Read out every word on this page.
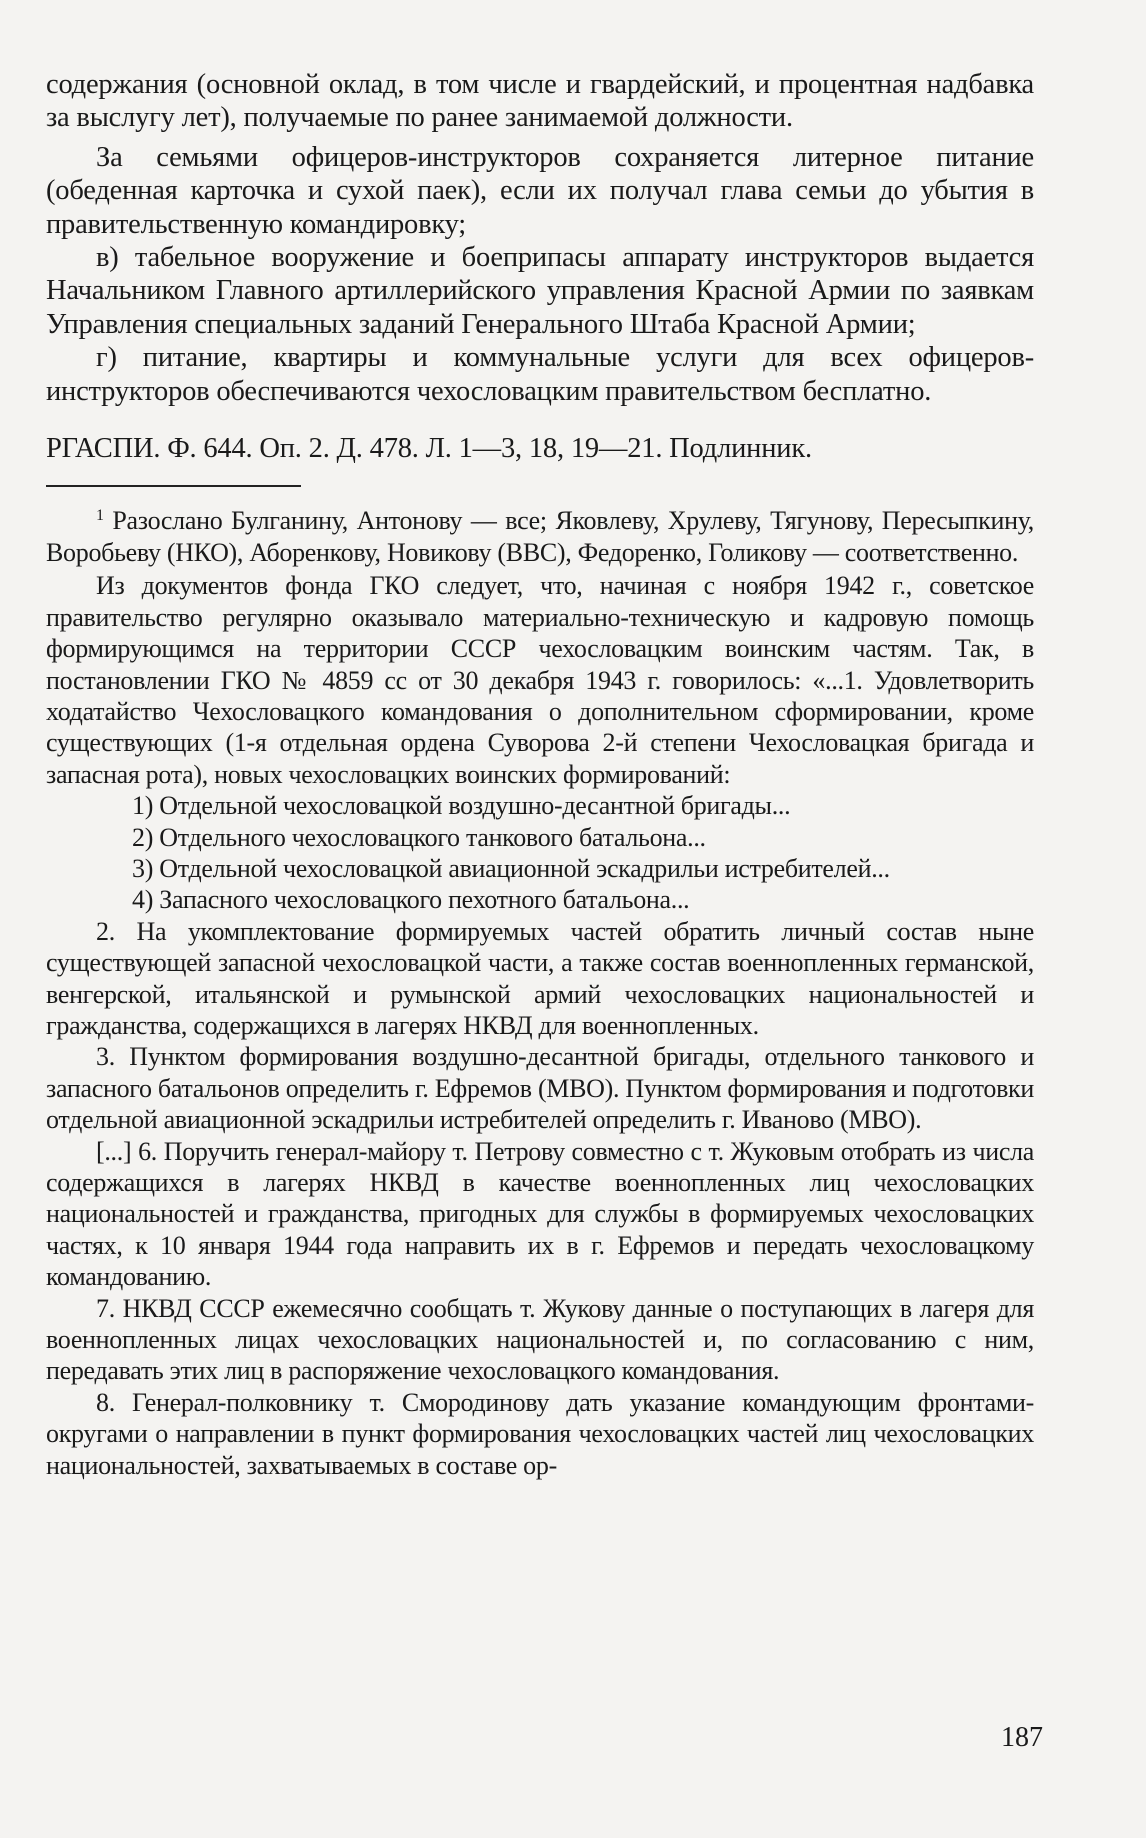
содержания (основной оклад, в том числе и гвардейский, и процентная надбавка за выслугу лет), получаемые по ранее занимаемой должности.

За семьями офицеров-инструкторов сохраняется литерное питание (обеденная карточка и сухой паек), если их получал глава семьи до убытия в правительственную командировку;

в) табельное вооружение и боеприпасы аппарату инструкторов выдается Начальником Главного артиллерийского управления Красной Армии по заявкам Управления специальных заданий Генерального Штаба Красной Армии;

г) питание, квартиры и коммунальные услуги для всех офицеров-инструкторов обеспечиваются чехословацким правительством бесплатно.

РГАСПИ. Ф. 644. Оп. 2. Д. 478. Л. 1—3, 18, 19—21. Подлинник.

$^1$ Разослано Булганину, Антонову — все; Яковлеву, Хрулеву, Тягунову, Пересыпкину, Воробьеву (НКО), Аборенкову, Новикову (ВВС), Федоренко, Голикову — соответственно.

Из документов фонда ГКО следует, что, начиная с ноября 1942 г., советское правительство регулярно оказывало материально-техническую и кадровую помощь формирующимся на территории СССР чехословацким воинским частям. Так, в постановлении ГКО № 4859 сс от 30 декабря 1943 г. говорилось: «...1. Удовлетворить ходатайство Чехословацкого командования о дополнительном сформировании, кроме существующих (1-я отдельная ордена Суворова 2-й степени Чехословацкая бригада и запасная рота), новых чехословацких воинских формирований:

1) Отдельной чехословацкой воздушно-десантной бригады...

2) Отдельного чехословацкого танкового батальона...

3) Отдельной чехословацкой авиационной эскадрильи истребителей...

4) Запасного чехословацкого пехотного батальона...

2. На укомплектование формируемых частей обратить личный состав ныне существующей запасной чехословацкой части, а также состав военнопленных германской, венгерской, итальянской и румынской армий чехословацких национальностей и гражданства, содержащихся в лагерях НКВД для военнопленных.

3. Пунктом формирования воздушно-десантной бригады, отдельного танкового и запасного батальонов определить г. Ефремов (МВО). Пунктом формирования и подготовки отдельной авиационной эскадрильи истребителей определить г. Иваново (МВО).

[...] 6. Поручить генерал-майору т. Петрову совместно с т. Жуковым отобрать из числа содержащихся в лагерях НКВД в качестве военнопленных лиц чехословацких национальностей и гражданства, пригодных для службы в формируемых чехословацких частях, к 10 января 1944 года направить их в г. Ефремов и передать чехословацкому командованию.

7. НКВД СССР ежемесячно сообщать т. Жукову данные о поступающих в лагеря для военнопленных лицах чехословацких национальностей и, по согласованию с ним, передавать этих лиц в распоряжение чехословацкого командования.

8. Генерал-полковнику т. Смородинову дать указание командующим фронтами-округами о направлении в пункт формирования чехословацких частей лиц чехословацких национальностей, захватываемых в составе ор-

187
